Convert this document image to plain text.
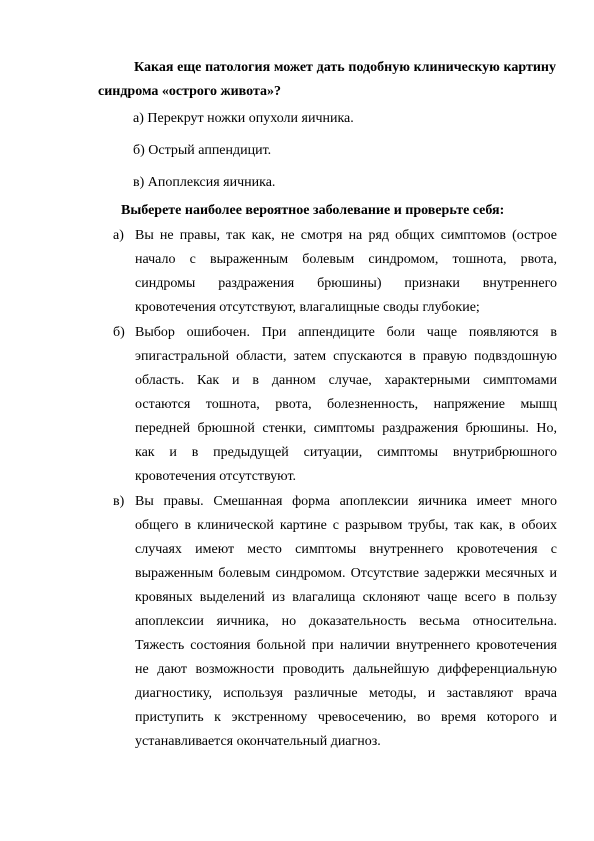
Какая еще патология может дать подобную клиническую картину синдрома «острого живота»?
а) Перекрут ножки опухоли яичника.
б) Острый аппендицит.
в) Апоплексия яичника.
Выберете наиболее вероятное заболевание и проверьте себя:
а) Вы не правы, так как, не смотря на ряд общих симптомов (острое
начало с выраженным болевым синдромом, тошнота, рвота,
синдромы раздражения брюшины) признаки внутреннего
кровотечения отсутствуют, влагалищные своды глубокие;
б) Выбор ошибочен. При аппендиците боли чаще появляются в
эпигастральной области, затем спускаются в правую подвздошную
область. Как и в данном случае, характерными симптомами
остаются тошнота, рвота, болезненность, напряжение мышц
передней брюшной стенки, симптомы раздражения брюшины. Но,
как и в предыдущей ситуации, симптомы внутрибрюшного
кровотечения отсутствуют.
в) Вы правы. Смешанная форма апоплексии яичника имеет много
общего в клинической картине с разрывом трубы, так как, в обоих
случаях имеют место симптомы внутреннего кровотечения с
выраженным болевым синдромом. Отсутствие задержки месячных и
кровяных выделений из влагалища склоняют чаще всего в пользу
апоплексии яичника, но доказательность весьма относительна.
Тяжесть состояния больной при наличии внутреннего кровотечения
не дают возможности проводить дальнейшую дифференциальную
диагностику, используя различные методы, и заставляют врача
приступить к экстренному чревосечению, во время которого и
устанавливается окончательный диагноз.
